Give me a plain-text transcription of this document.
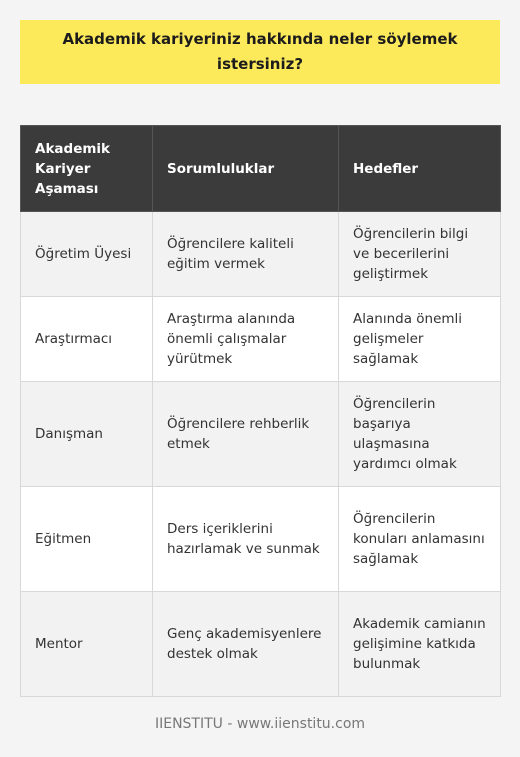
Akademik kariyeriniz hakkında neler söylemek istersiniz?
Akademik Kariyer Aşaması	Sorumluluklar	Hedefler
Öğretim Üyesi	Öğrencilere kaliteli eğitim vermek	Öğrencilerin bilgi ve becerilerini geliştirmek
Araştırmacı	Araştırma alanında önemli çalışmalar yürütmek	Alanında önemli gelişmeler sağlamak
Danışman	Öğrencilere rehberlik etmek	Öğrencilerin başarıya ulaşmasına yardımcı olmak
Eğitmen	Ders içeriklerini hazırlamak ve sunmak	Öğrencilerin konuları anlamasını sağlamak
Mentor	Genç akademisyenlere destek olmak	Akademik camianın gelişimine katkıda bulunmak
IIENSTITU - www.iienstitu.com
